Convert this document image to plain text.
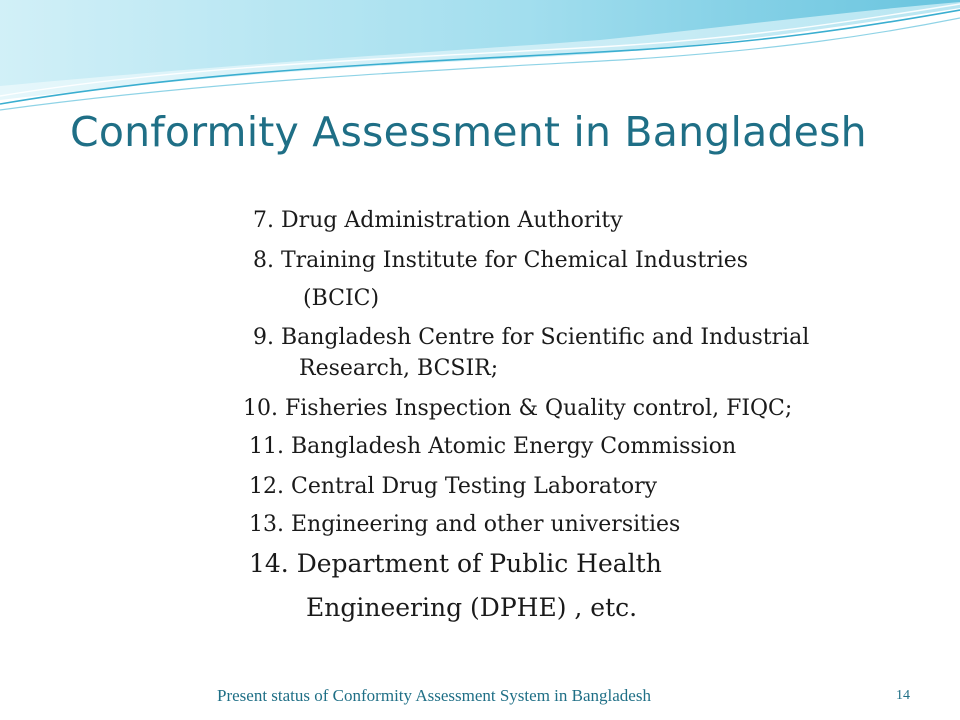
Conformity Assessment in Bangladesh
7. Drug Administration Authority
8. Training Institute for Chemical Industries
(BCIC)
9. Bangladesh Centre for Scientific and Industrial
Research, BCSIR;
10. Fisheries Inspection & Quality control, FIQC;
11. Bangladesh Atomic Energy Commission
12. Central Drug Testing Laboratory
13. Engineering and other universities
14. Department of Public Health
Engineering (DPHE) , etc.
Present status of Conformity Assessment System in Bangladesh	14
